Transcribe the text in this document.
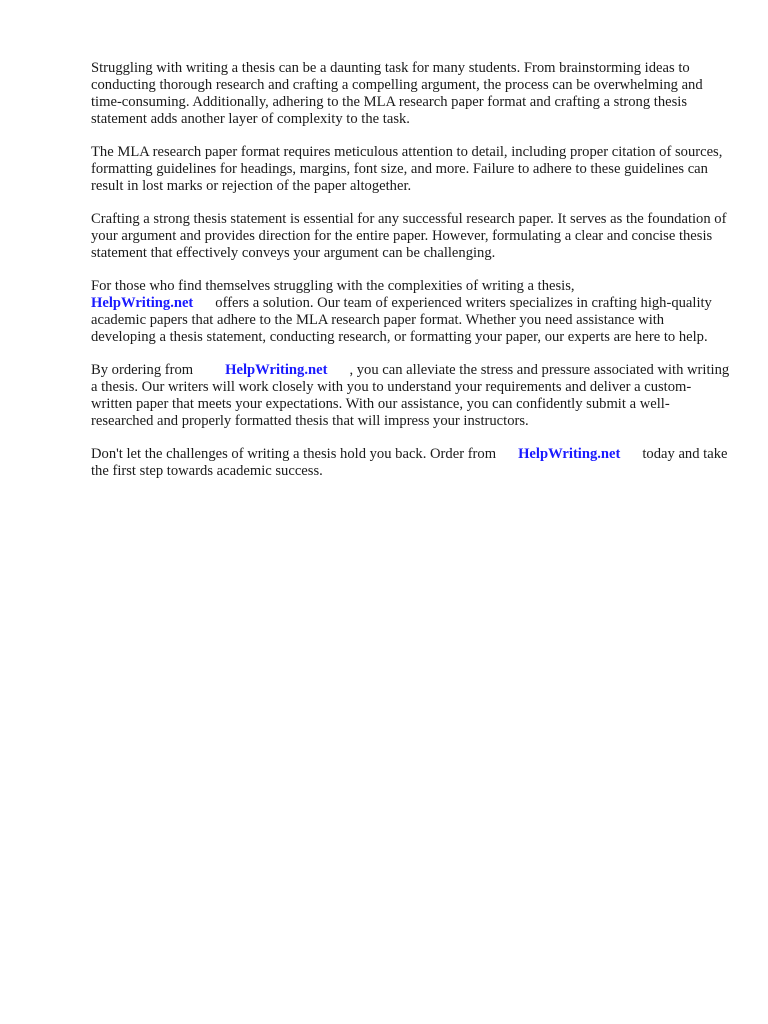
Struggling with writing a thesis can be a daunting task for many students. From brainstorming ideas to conducting thorough research and crafting a compelling argument, the process can be overwhelming and time-consuming. Additionally, adhering to the MLA research paper format and crafting a strong thesis statement adds another layer of complexity to the task.

The MLA research paper format requires meticulous attention to detail, including proper citation of sources, formatting guidelines for headings, margins, font size, and more. Failure to adhere to these guidelines can result in lost marks or rejection of the paper altogether.

Crafting a strong thesis statement is essential for any successful research paper. It serves as the foundation of your argument and provides direction for the entire paper. However, formulating a clear and concise thesis statement that effectively conveys your argument can be challenging.

For those who find themselves struggling with the complexities of writing a thesis,
HelpWriting.net offers a solution. Our team of experienced writers specializes in crafting high-quality academic papers that adhere to the MLA research paper format. Whether you need assistance with developing a thesis statement, conducting research, or formatting your paper, our experts are here to help.

By ordering from HelpWriting.net , you can alleviate the stress and pressure associated with writing a thesis. Our writers will work closely with you to understand your requirements and deliver a custom-written paper that meets your expectations. With our assistance, you can confidently submit a well-researched and properly formatted thesis that will impress your instructors.

Don't let the challenges of writing a thesis hold you back. Order from HelpWriting.net today and take the first step towards academic success.
